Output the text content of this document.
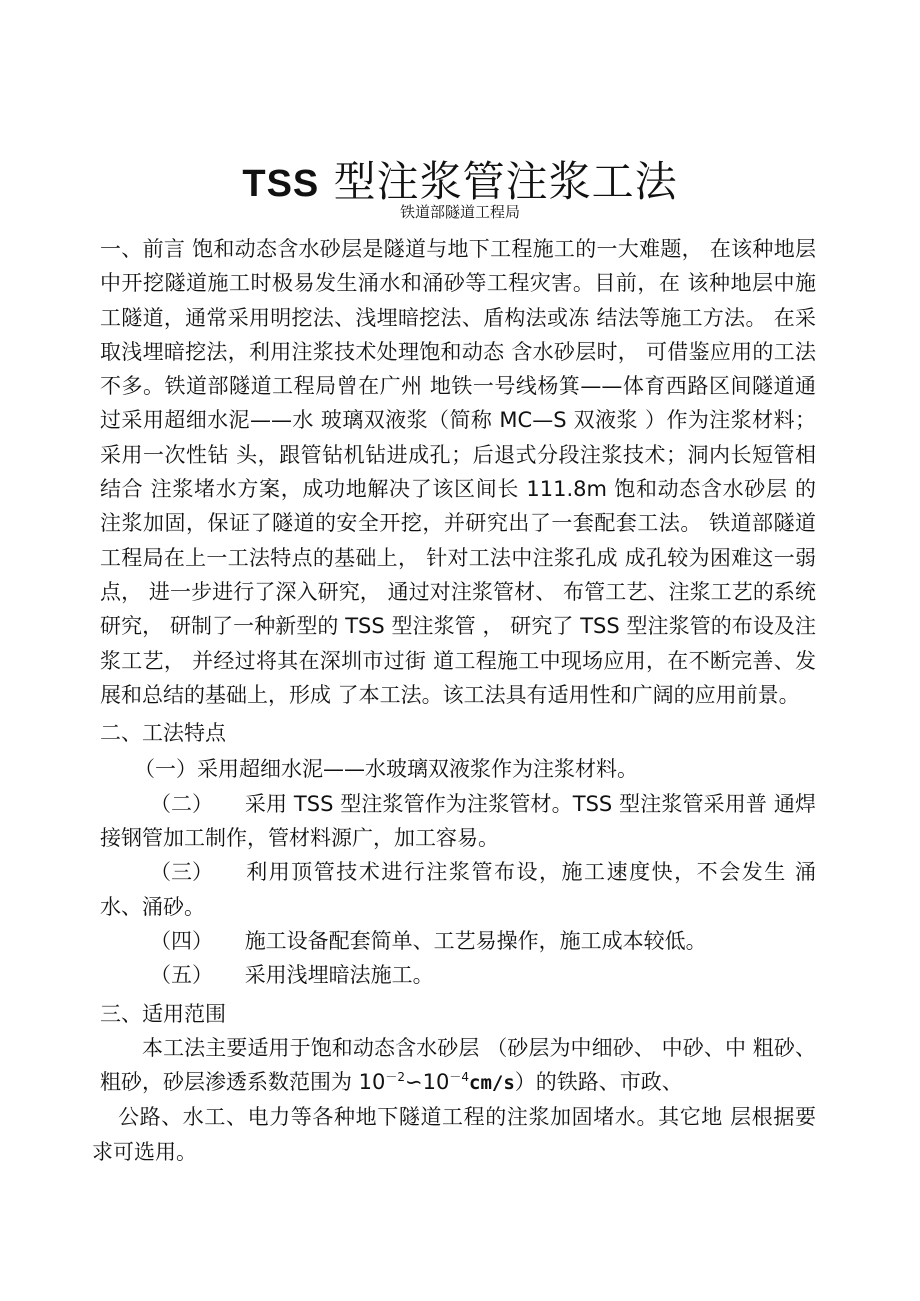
TSS 型注浆管注浆工法
铁道部隧道工程局

一、前言 饱和动态含水砂层是隧道与地下工程施工的一大难题， 在该种地层中开挖隧道施工时极易发生涌水和涌砂等工程灾害。目前，在 该种地层中施工隧道，通常采用明挖法、浅埋暗挖法、盾构法或冻 结法等施工方法。 在采取浅埋暗挖法，利用注浆技术处理饱和动态 含水砂层时， 可借鉴应用的工法不多。铁道部隧道工程局曾在广州 地铁一号线杨箕——体育西路区间隧道通过采用超细水泥——水 玻璃双液浆（简称 MC—S 双液浆 ）作为注浆材料；采用一次性钻 头，跟管钻机钻进成孔；后退式分段注浆技术；洞内长短管相结合 注浆堵水方案，成功地解决了该区间长 111.8m 饱和动态含水砂层 的注浆加固，保证了隧道的安全开挖，并研究出了一套配套工法。 铁道部隧道工程局在上一工法特点的基础上， 针对工法中注浆孔成 成孔较为困难这一弱点， 进一步进行了深入研究， 通过对注浆管材、 布管工艺、注浆工艺的系统研究， 研制了一种新型的 TSS 型注浆管 ， 研究了 TSS 型注浆管的布设及注浆工艺， 并经过将其在深圳市过街 道工程施工中现场应用，在不断完善、发展和总结的基础上，形成 了本工法。该工法具有适用性和广阔的应用前景。

二、工法特点

（一）采用超细水泥——水玻璃双液浆作为注浆材料。
（二） 采用 TSS 型注浆管作为注浆管材。TSS 型注浆管采用普 通焊接钢管加工制作，管材料源广，加工容易。
（三） 利用顶管技术进行注浆管布设，施工速度快，不会发生 涌水、涌砂。
（四） 施工设备配套简单、工艺易操作，施工成本较低。
（五） 采用浅埋暗法施工。

三、适用范围

本工法主要适用于饱和动态含水砂层 （砂层为中细砂、 中砂、中 粗砂、粗砂，砂层渗透系数范围为 $10^{-2}∽10^{-4}cm/s$）的铁路、市政、

公路、水工、电力等各种地下隧道工程的注浆加固堵水。其它地 层根据要求可选用。
